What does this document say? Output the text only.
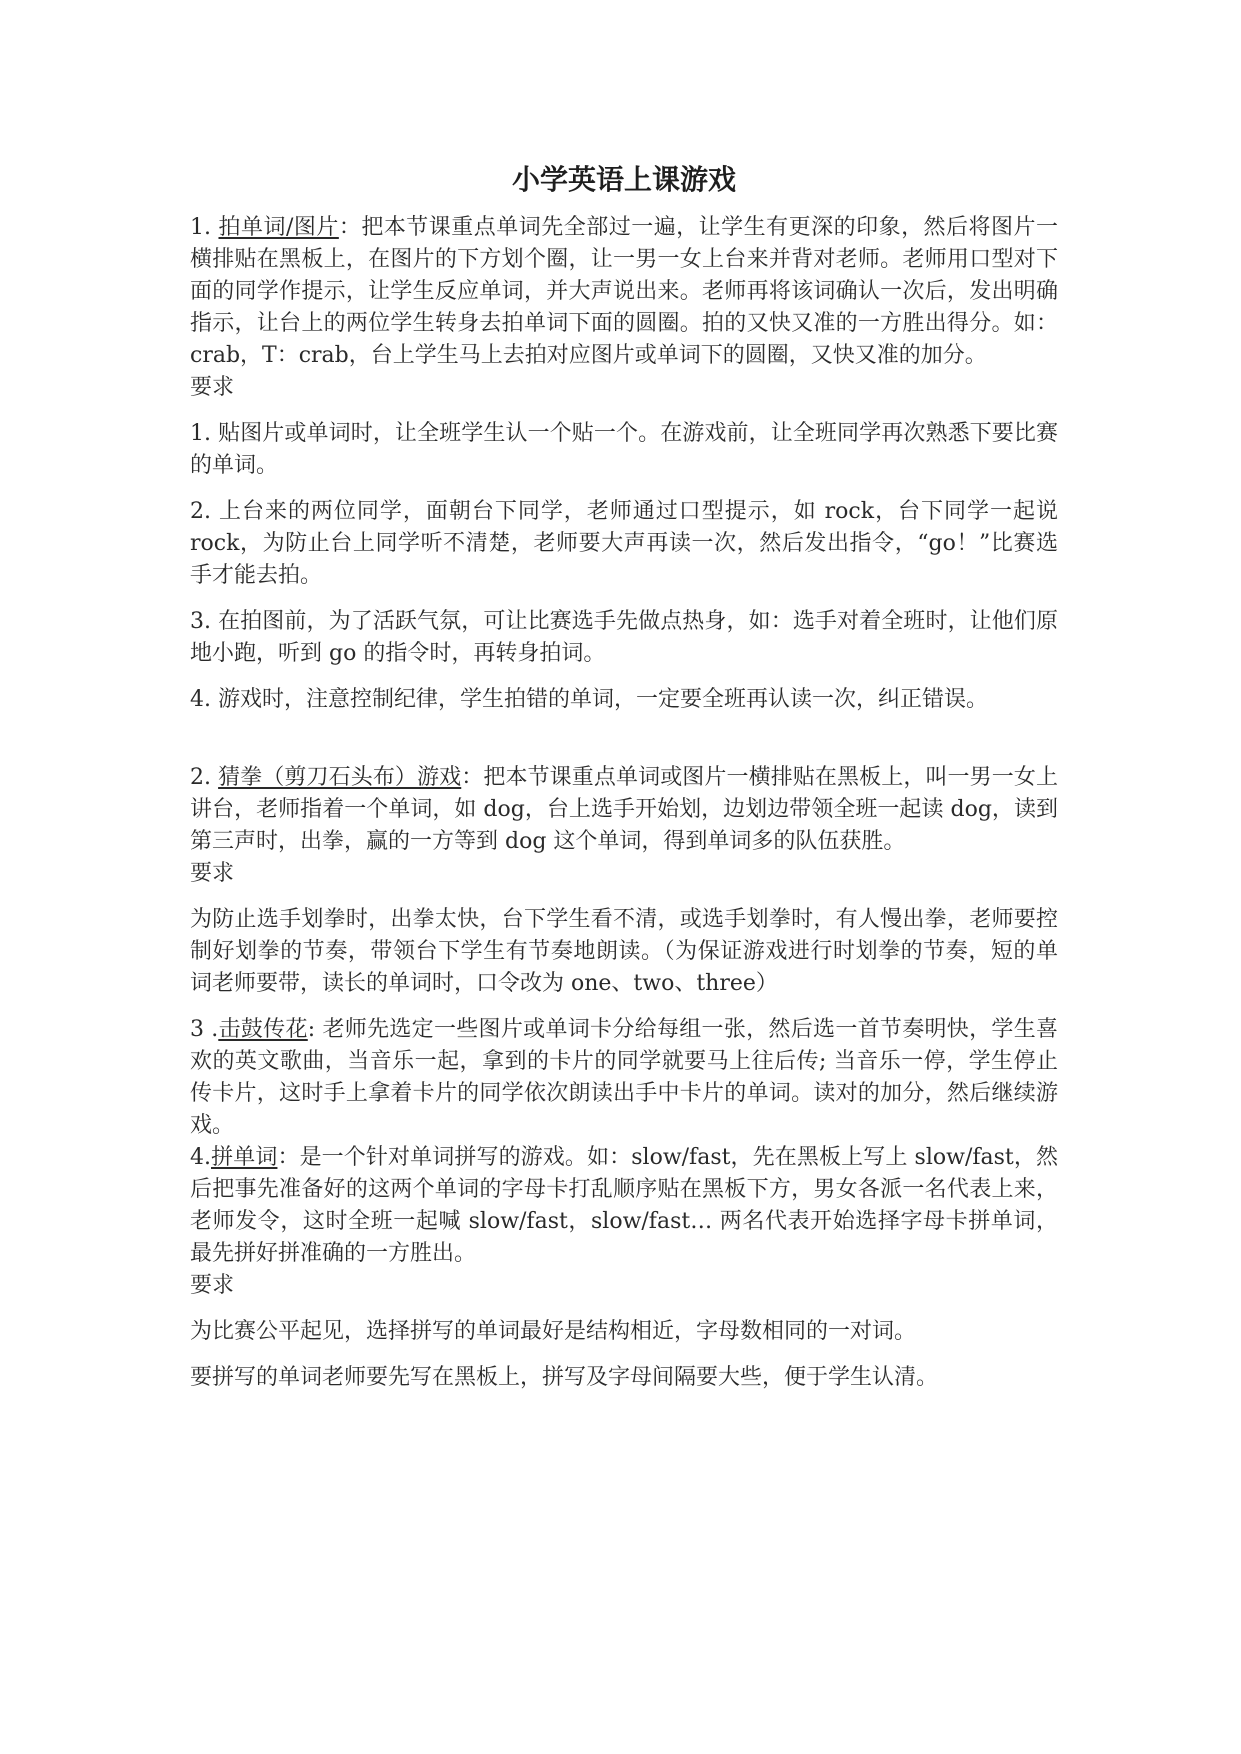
小学英语上课游戏

1. 拍单词/图片：把本节课重点单词先全部过一遍，让学生有更深的印象，然后将图片一横排贴在黑板上，在图片的下方划个圈，让一男一女上台来并背对老师。老师用口型对下面的同学作提示，让学生反应单词，并大声说出来。老师再将该词确认一次后，发出明确指示，让台上的两位学生转身去拍单词下面的圆圈。拍的又快又准的一方胜出得分。如：crab，T：crab，台上学生马上去拍对应图片或单词下的圆圈，又快又准的加分。

要求

1. 贴图片或单词时，让全班学生认一个贴一个。在游戏前，让全班同学再次熟悉下要比赛的单词。

2. 上台来的两位同学，面朝台下同学，老师通过口型提示，如 rock，台下同学一起说 rock，为防止台上同学听不清楚，老师要大声再读一次，然后发出指令，“go！”比赛选手才能去拍。

3. 在拍图前，为了活跃气氛，可让比赛选手先做点热身，如：选手对着全班时，让他们原地小跑，听到 go 的指令时，再转身拍词。

4. 游戏时，注意控制纪律，学生拍错的单词，一定要全班再认读一次，纠正错误。

2. 猜拳（剪刀石头布）游戏：把本节课重点单词或图片一横排贴在黑板上，叫一男一女上讲台，老师指着一个单词，如 dog，台上选手开始划，边划边带领全班一起读 dog，读到第三声时，出拳，赢的一方等到 dog 这个单词，得到单词多的队伍获胜。

要求

为防止选手划拳时，出拳太快，台下学生看不清，或选手划拳时，有人慢出拳，老师要控制好划拳的节奏，带领台下学生有节奏地朗读。（为保证游戏进行时划拳的节奏，短的单词老师要带，读长的单词时，口令改为 one、two、three）

3 .击鼓传花: 老师先选定一些图片或单词卡分给每组一张，然后选一首节奏明快，学生喜欢的英文歌曲，当音乐一起，拿到的卡片的同学就要马上往后传; 当音乐一停，学生停止传卡片，这时手上拿着卡片的同学依次朗读出手中卡片的单词。读对的加分，然后继续游戏。

4.拼单词：是一个针对单词拼写的游戏。如：slow/fast，先在黑板上写上 slow/fast，然后把事先准备好的这两个单词的字母卡打乱顺序贴在黑板下方，男女各派一名代表上来，老师发令，这时全班一起喊 slow/fast，slow/fast… 两名代表开始选择字母卡拼单词，最先拼好拼准确的一方胜出。

要求

为比赛公平起见，选择拼写的单词最好是结构相近，字母数相同的一对词。

要拼写的单词老师要先写在黑板上，拼写及字母间隔要大些，便于学生认清。
